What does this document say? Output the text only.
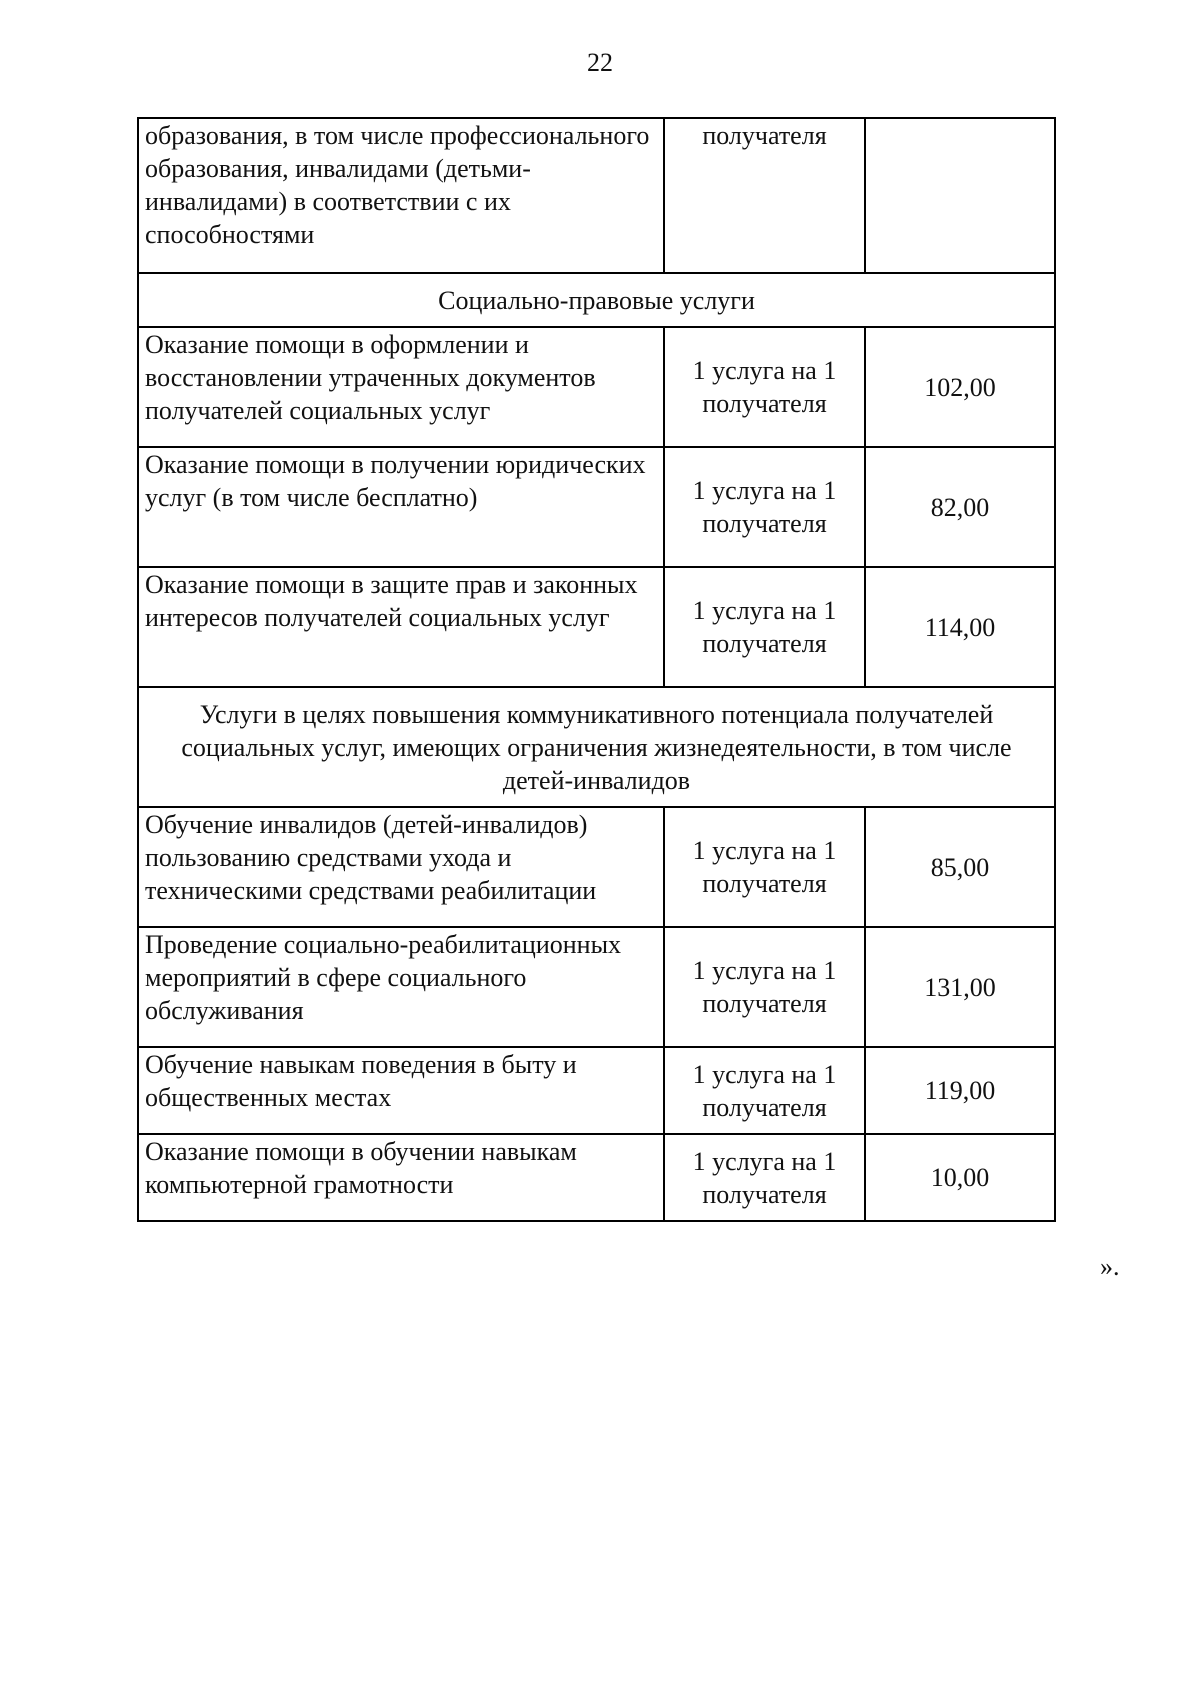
22
образования, в том числе профессионального образования, инвалидами (детьми-инвалидами) в соответствии с их способностями	получателя	
Социально-правовые услуги		
Оказание помощи в оформлении и восстановлении утраченных документов получателей социальных услуг	1 услуга на 1 получателя	102,00
Оказание помощи в получении юридических услуг (в том числе бесплатно)	1 услуга на 1 получателя	82,00
Оказание помощи в защите прав и законных интересов получателей социальных услуг	1 услуга на 1 получателя	114,00
Услуги в целях повышения коммуникативного потенциала получателей социальных услуг, имеющих ограничения жизнедеятельности, в том числе детей-инвалидов		
Обучение инвалидов (детей-инвалидов) пользованию средствами ухода и техническими средствами реабилитации	1 услуга на 1 получателя	85,00
Проведение социально-реабилитационных мероприятий в сфере социального обслуживания	1 услуга на 1 получателя	131,00
Обучение навыкам поведения в быту и общественных местах	1 услуга на 1 получателя	119,00
Оказание помощи в обучении навыкам компьютерной грамотности	1 услуга на 1 получателя	10,00
».
